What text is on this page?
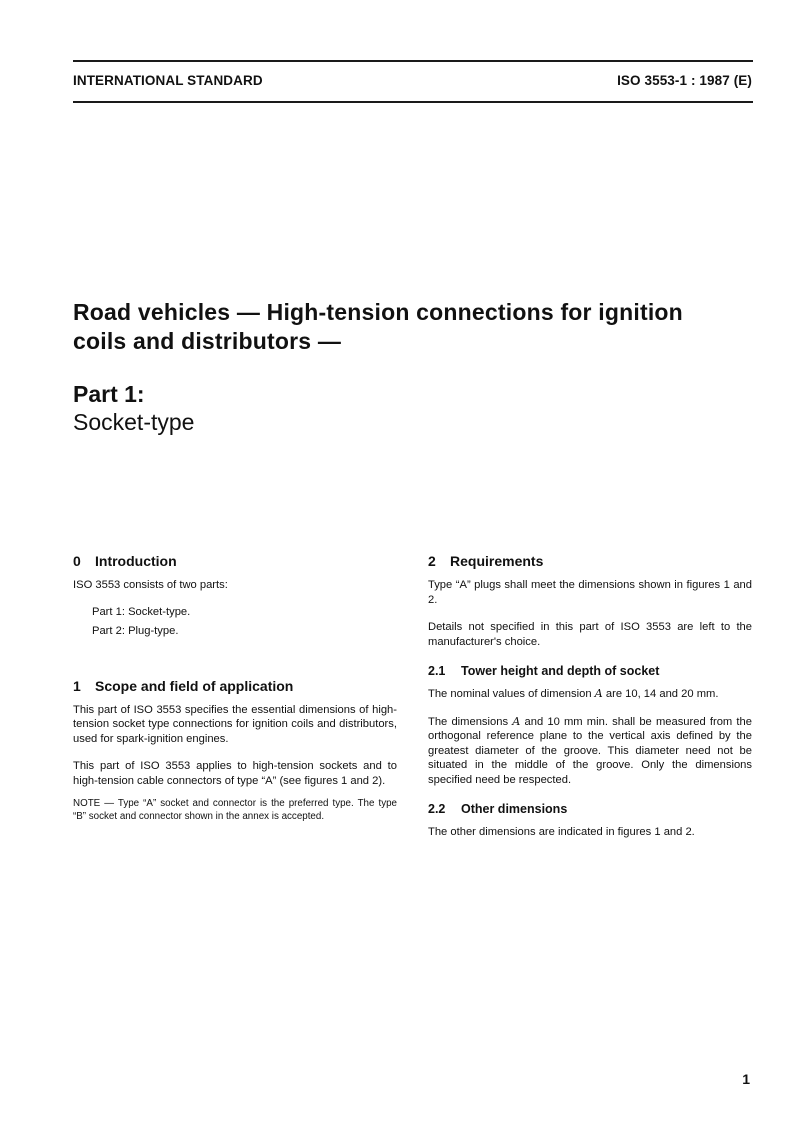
INTERNATIONAL STANDARD	ISO 3553-1 : 1987 (E)
Road vehicles — High-tension connections for ignition
coils and distributors —
Part 1:
Socket-type
0	Introduction

ISO 3553 consists of two parts:

Part 1: Socket-type.

Part 2: Plug-type.

1	Scope and field of application

This part of ISO 3553 specifies the essential dimensions of high-tension socket type connections for ignition coils and distributors, used for spark-ignition engines.

This part of ISO 3553 applies to high-tension sockets and to high-tension cable connectors of type “A” (see figures 1 and 2).

NOTE — Type “A” socket and connector is the preferred type. The type “B” socket and connector shown in the annex is accepted.

2	Requirements

Type “A” plugs shall meet the dimensions shown in figures 1 and 2.

Details not specified in this part of ISO 3553 are left to the manufacturer's choice.

2.1	Tower height and depth of socket

The nominal values of dimension A are 10, 14 and 20 mm.

The dimensions A and 10 mm min. shall be measured from the orthogonal reference plane to the vertical axis defined by the greatest diameter of the groove. This diameter need not be situated in the middle of the groove. Only the dimensions specified need be respected.

2.2	Other dimensions

The other dimensions are indicated in figures 1 and 2.

1
